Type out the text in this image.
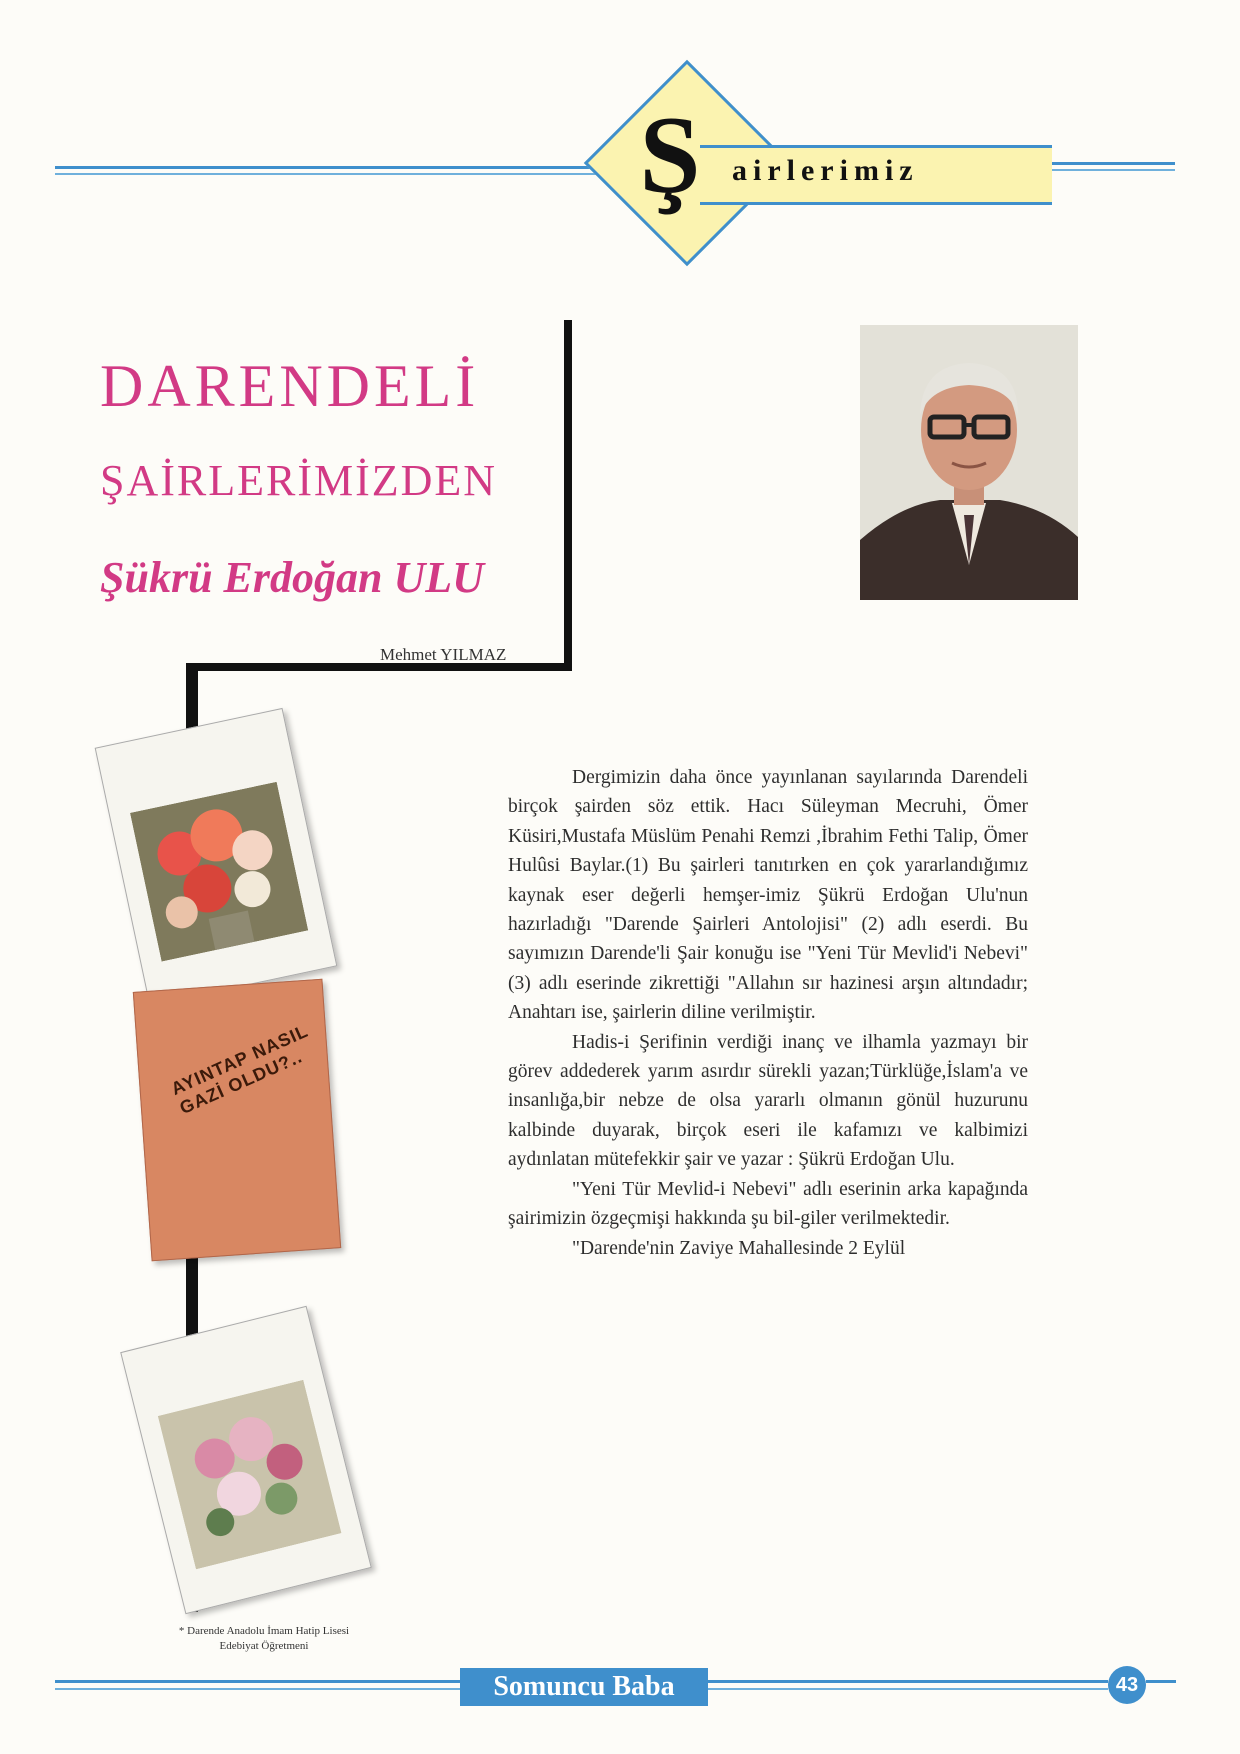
Ş	airlerimiz
DARENDELİ
ŞAİRLERİMİZDEN
Şükrü Erdoğan ULU
Mehmet YILMAZ
AYINTAP NASIL GAZİ OLDU?..

Dergimizin daha önce yayınlanan sayılarında Darendeli birçok şairden söz ettik. Hacı Süleyman Mecruhi, Ömer Küsiri,Mustafa Müslüm Penahi Remzi ,İbrahim Fethi Talip, Ömer Hulûsi Baylar.(1) Bu şairleri tanıtırken en çok yararlandığımız kaynak eser değerli hemşer-imiz Şükrü Erdoğan Ulu'nun hazırladığı "Darende Şairleri Antolojisi" (2) adlı eserdi. Bu sayımızın Darende'li Şair konuğu ise "Yeni Tür Mevlid'i Nebevi" (3) adlı eserinde zikrettiği "Allahın sır hazinesi arşın altındadır; Anahtarı ise, şairlerin diline verilmiştir.

Hadis-i Şerifinin verdiği inanç ve ilhamla yazmayı bir görev addederek yarım asırdır sürekli yazan;Türklüğe,İslam'a ve insanlığa,bir nebze de olsa yararlı olmanın gönül huzurunu kalbinde duyarak, birçok eseri ile kafamızı ve kalbimizi aydınlatan mütefekkir şair ve yazar : Şükrü Erdoğan Ulu.

"Yeni Tür Mevlid-i Nebevi" adlı eserinin arka kapağında şairimizin özgeçmişi hakkında şu bil-giler verilmektedir.

"Darende'nin Zaviye Mahallesinde 2 Eylül

* Darende Anadolu İmam Hatip Lisesi
Edebiyat Öğretmeni
Somuncu Baba	43
